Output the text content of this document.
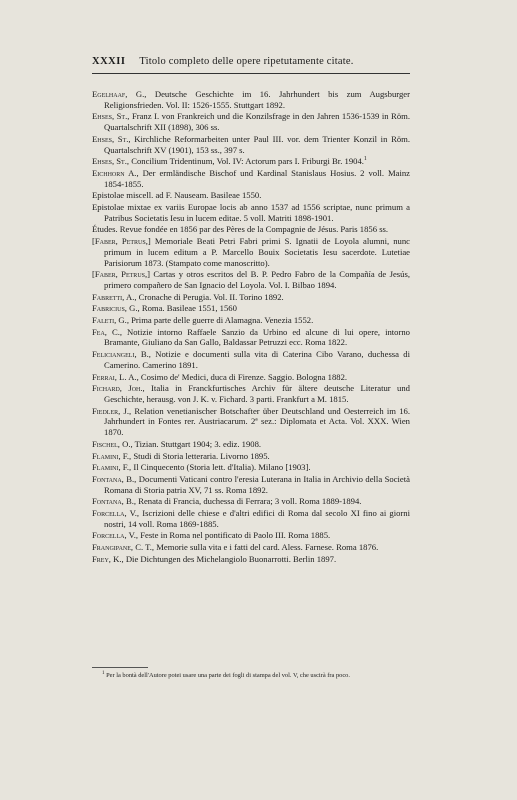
XXXII Titolo completo delle opere ripetutamente citate.

Egelhaaf, G., Deutsche Geschichte im 16. Jahrhundert bis zum Augsburger Religionsfrieden. Vol. II: 1526-1555. Stuttgart 1892.

Ehses, St., Franz I. von Frankreich und die Konzilsfrage in den Jahren 1536-1539 in Röm. Quartalschrift XII (1898), 306 ss.

Ehses, St., Kirchliche Reformarbeiten unter Paul III. vor. dem Trienter Konzil in Röm. Quartalschrift XV (1901), 153 ss., 397 s.

Ehses, St., Concilium Tridentinum, Vol. IV: Actorum pars I. Friburgi Br. 1904.$^1$

Eichhorn A., Der ermländische Bischof und Kardinal Stanislaus Hosius. 2 voll. Mainz 1854-1855.

Epistolae miscell. ad F. Nauseam. Basileae 1550.

Epistolae mixtae ex variis Europae locis ab anno 1537 ad 1556 scriptae, nunc primum a Patribus Societatis Iesu in lucem editae. 5 voll. Matriti 1898-1901.

Études. Revue fondée en 1856 par des Pères de la Compagnie de Jésus. Paris 1856 ss.

[Faber, Petrus,] Memoriale Beati Petri Fabri primi S. Ignatii de Loyola alumni, nunc primum in lucem editum a P. Marcello Bouix Societatis Iesu sacerdote. Lutetiae Parisiorum 1873. (Stampato come manoscritto).

[Faber, Petrus,] Cartas y otros escritos del B. P. Pedro Fabro de la Compañía de Jesús, primero compañero de San Ignacio del Loyola. Vol. I. Bilbao 1894.

Fabretti, A., Cronache di Perugia. Vol. II. Torino 1892.

Fabricius, G., Roma. Basileae 1551, 1560

Faleti, G., Prima parte delle guerre di Alamagna. Venezia 1552.

Fea, C., Notizie intorno Raffaele Sanzio da Urbino ed alcune di lui opere, intorno Bramante, Giuliano da San Gallo, Baldassar Petruzzi ecc. Roma 1822.

Feliciangeli, B., Notizie e documenti sulla vita di Caterina Cibo Varano, duchessa di Camerino. Camerino 1891.

Ferrai, L. A., Cosimo de' Medici, duca di Firenze. Saggio. Bologna 1882.

Fichard, Joh., Italia in Franckfurtisches Archiv für ältere deutsche Literatur und Geschichte, herausg. von J. K. v. Fichard. 3 parti. Frankfurt a M. 1815.

Fiedler, J., Relation venetianischer Botschafter über Deutschland und Oesterreich im 16. Jahrhundert in Fontes rer. Austriacarum. 2ª sez.: Diplomata et Acta. Vol. XXX. Wien 1870.

Fischel, O., Tizian. Stuttgart 1904; 3. ediz. 1908.

Flamini, F., Studi di Storia letteraria. Livorno 1895.

Flamini, F., Il Cinquecento (Storia lett. d'Italia). Milano [1903].

Fontana, B., Documenti Vaticani contro l'eresia Luterana in Italia in Archivio della Società Romana di Storia patria XV, 71 ss. Roma 1892.

Fontana, B., Renata di Francia, duchessa di Ferrara; 3 voll. Roma 1889-1894.

Forcella, V., Iscrizioni delle chiese e d'altri edifici di Roma dal secolo XI fino ai giorni nostri, 14 voll. Roma 1869-1885.

Forcella, V., Feste in Roma nel pontificato di Paolo III. Roma 1885.

Frangipane, C. T., Memorie sulla vita e i fatti del card. Aless. Farnese. Roma 1876.

Frey, K., Die Dichtungen des Michelangiolo Buonarrotti. Berlin 1897.

$^1$ Per la bontà dell'Autore potei usare una parte dei fogli di stampa del vol. V, che uscirà fra poco.
